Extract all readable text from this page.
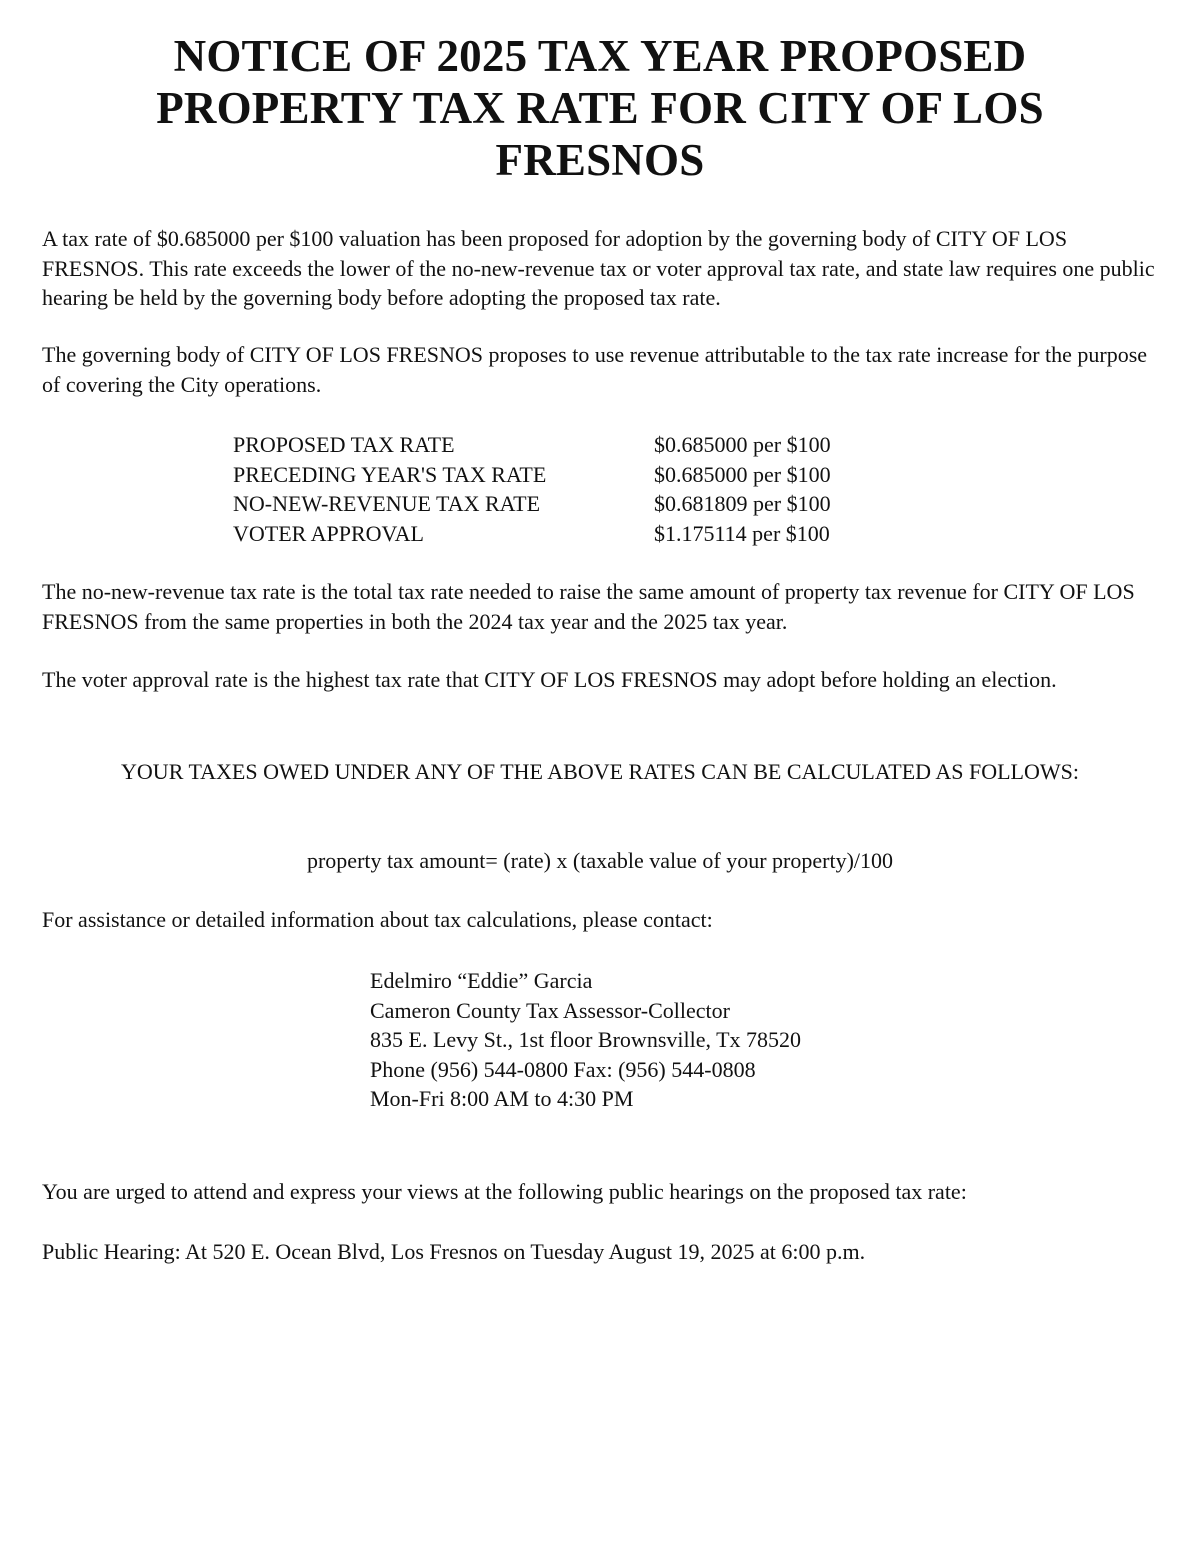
NOTICE OF 2025 TAX YEAR PROPOSED PROPERTY TAX RATE FOR CITY OF LOS FRESNOS

A tax rate of $0.685000 per $100 valuation has been proposed for adoption by the governing body of CITY OF LOS FRESNOS. This rate exceeds the lower of the no-new-revenue tax or voter approval tax rate, and state law requires one public hearing be held by the governing body before adopting the proposed tax rate.

The governing body of CITY OF LOS FRESNOS proposes to use revenue attributable to the tax rate increase for the purpose of covering the City operations.

PROPOSED TAX RATE	$0.685000 per $100
PRECEDING YEAR'S TAX RATE	$0.685000 per $100
NO-NEW-REVENUE TAX RATE	$0.681809 per $100
VOTER APPROVAL	$1.175114 per $100

The no-new-revenue tax rate is the total tax rate needed to raise the same amount of property tax revenue for CITY OF LOS FRESNOS from the same properties in both the 2024 tax year and the 2025 tax year.

The voter approval rate is the highest tax rate that CITY OF LOS FRESNOS may adopt before holding an election.

YOUR TAXES OWED UNDER ANY OF THE ABOVE RATES CAN BE CALCULATED AS FOLLOWS:

property tax amount= (rate) x (taxable value of your property)/100

For assistance or detailed information about tax calculations, please contact:

Edelmiro “Eddie” Garcia
Cameron County Tax Assessor-Collector
835 E. Levy St., 1st floor Brownsville, Tx 78520
Phone (956) 544-0800 Fax: (956) 544-0808
Mon-Fri 8:00 AM to 4:30 PM

You are urged to attend and express your views at the following public hearings on the proposed tax rate:

Public Hearing: At 520 E. Ocean Blvd, Los Fresnos on Tuesday August 19, 2025 at 6:00 p.m.
